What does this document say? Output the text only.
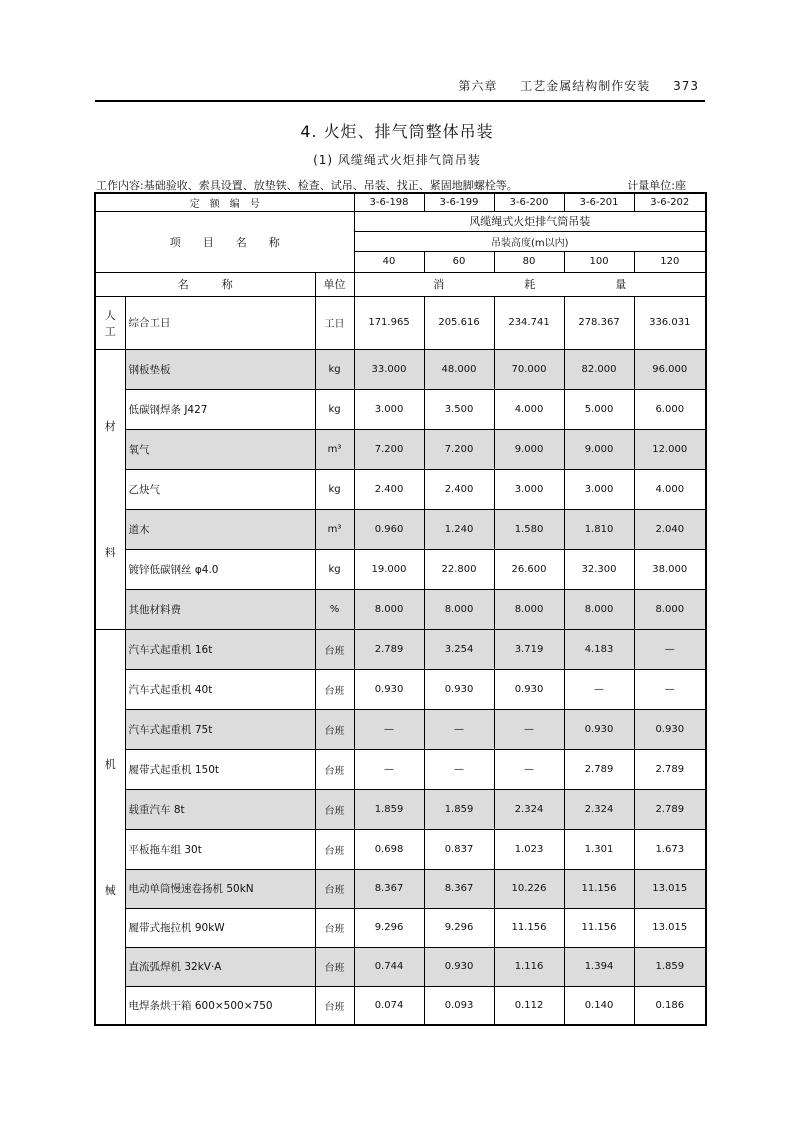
第六章 工艺金属结构制作安装 373
4. 火炬、排气筒整体吊装
(1) 风缆绳式火炬排气筒吊装
工作内容:基础验收、索具设置、放垫铁、检查、试吊、吊装、找正、紧固地脚螺栓等。	计量单位:座
定　额　编　号			3-6-198	3-6-199	3-6-200	3-6-201	3-6-202
项　　目　　名　　称			风缆绳式火炬排气筒吊装				
			吊装高度(m以内)				
			40	60	80	100	120
名　　　称		单位	消 耗 量				

人
工	综合工日	工日	171.965	205.616	234.741	278.367	336.031

材
料	钢板垫板	kg	33.000	48.000	70.000	82.000	96.000
	低碳钢焊条 J427	kg	3.000	3.500	4.000	5.000	6.000
	氧气	m³	7.200	7.200	9.000	9.000	12.000
	乙炔气	kg	2.400	2.400	3.000	3.000	4.000
	道木	m³	0.960	1.240	1.580	1.810	2.040
	镀锌低碳钢丝 φ4.0	kg	19.000	22.800	26.600	32.300	38.000
	其他材料费	%	8.000	8.000	8.000	8.000	8.000

机
械	汽车式起重机 16t	台班	2.789	3.254	3.719	4.183	—
	汽车式起重机 40t	台班	0.930	0.930	0.930	—	—
	汽车式起重机 75t	台班	—	—	—	0.930	0.930
	履带式起重机 150t	台班	—	—	—	2.789	2.789
	载重汽车 8t	台班	1.859	1.859	2.324	2.324	2.789
	平板拖车组 30t	台班	0.698	0.837	1.023	1.301	1.673
	电动单筒慢速卷扬机 50kN	台班	8.367	8.367	10.226	11.156	13.015
	履带式拖拉机 90kW	台班	9.296	9.296	11.156	11.156	13.015
	直流弧焊机 32kV·A	台班	0.744	0.930	1.116	1.394	1.859
	电焊条烘干箱 600×500×750	台班	0.074	0.093	0.112	0.140	0.186
